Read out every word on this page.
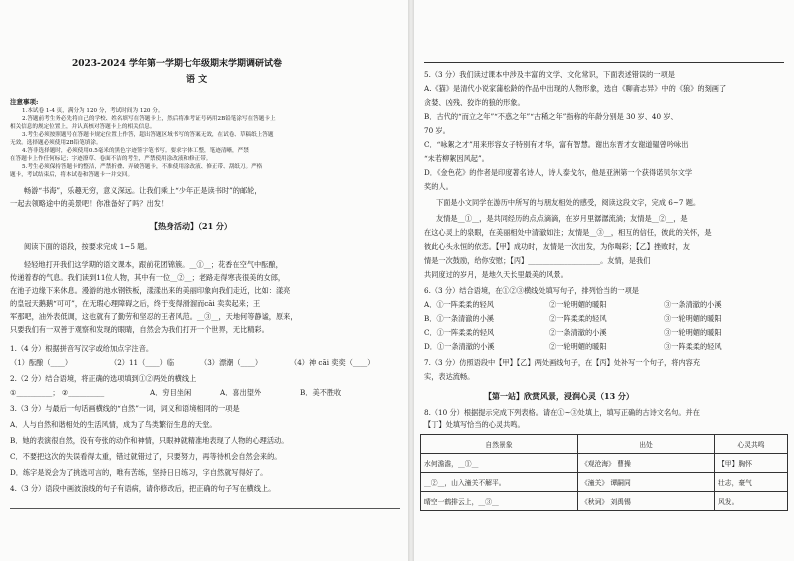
2023-2024 学年第一学期七年级期末学期调研试卷
语 文
注意事项:
1.本试卷 1-4 页，满分为 120 分，考试时间为 120 分。
2.答题前考生务必先将自己的学校、姓名填写在答题卡上，然后将准考证号码用2B铅笔涂写在答题卡上
相关信息的规定位置上，并认真核对答题卡上的相关信息。
3.考生必须按照题号在答题卡规定位置上作答，超出答题区域书写的答案无效，在试卷、草稿纸上答题
无效。选择题必须使用2B铅笔填涂。
4.答非选择题时，必须使用0.5毫米的黑色字迹签字笔书写。要求字体工整，笔迹清晰，严禁
在答题卡上作任何标记；字迹潦草、卷面不洁的考生，严禁使用涂改液和修正带。
5.考生必须保持答题卡的整洁，严禁折叠、弄破答题卡，不准使用涂改液、修正带、刮纸刀。严格
题卡，考试结束后，将本试卷和答题卡一并交回。
畅游“书海”，乐趣无穷，意义深远。让我们乘上“少年正是读书时”的邮轮，
一起去领略途中的美景吧！你准备好了吗？出发！
【热身活动】（21 分）
阅读下面的语段，按要求完成 1~5 题。
轻轻地打开我们这学期的语文课本，跟前花团锦簇。__①__；花香在空气中酝酿，
传递着春的气息。我们读到11位人物，其中有一位__②__；老路走得寒丧很美的女郎，
在池子边缘下来休息。漫游的池水钢铁板，漾漾出来的美丽印象向我们走近，比如：漾亮
的皇冠天鹅鹅“可可”，在无瑕心理障碍之后，终于变得滑溜而cāi 卖卖起来；王
军那吧，油外表低调，这也就有了勤劳和坚忍的王者风范。__③__，天地何等静谧，原来，
只要我们有一双善于观察和发现的眼睛，自然会为我们打开一个世界，无比精彩。
1.（4 分）根据拼音写汉字或给加点字注音。
（1）酝酿（____）	（2）11（____）临	（3）漂潮（____）	（4）神 cāi 奕奕（____）
2.（2 分）结合语境，将正确的选项填到①②两处的横线上
①__________； ②__________	A．穷目坐闲	A．喜出望外	B．美不胜收
3.（3 分）与最后一句话画横线的“自然”一词，词义和语境相同的一项是
A．人与自然和谐相处的生活风情，成为了鸟类繁衍生息的天堂。
B．她的表演很自然，没有夸张的动作和神情，只眼神就精准地表现了人物的心理活动。
C．不要把这次的失误看得太重，错过就错过了，只要努力，再等待机会自然会来的。
D．练字是说会为了挑选可言的，唯有苦练，坚持日日练习，字自然就写得好了。
4.（3 分）语段中画波浪线的句子有语病，请你修改后，把正确的句子写在横线上。
5.（3 分）我们读过课本中涉及丰富的文学、文化常识，下面表述错误的一项是
A.《猫》是清代小说家蒲松龄的作品中出现的人物形象，选自《聊斋志异》中的《狼》的刻画了
贪婪、凶残、狡诈的狼的形象。
B．古代的“而立之年”“不惑之年”“古稀之年”指称的年龄分别是 30 岁、40 岁、
70 岁。
C．“咏絮之才”用来形容女子特别有才华，富有智慧。谢出东晋才女谢道韫曾吟咏出
“未若柳絮因风起”。
D．《金色花》的作者是印度著名诗人，诗人泰戈尔，他是亚洲第一个获得诺贝尔文学
奖的人。
下面是小文同学在游历中所写的与朋友相处的感受，阅读这段文字，完成 6~7 题。
友情是__①__，是共同经历的点点滴滴，在岁月里潺潺流淌；友情是__②__，是
在这心灵上的泉眼，在美丽相处中清澈如注；友情是__③__，相互的信任，彼此的关怀，是
彼此心头永恒的依恋。【甲】成功时，友情是一次出发，为你喝彩；【乙】挫败时，友
情是一次鼓励，给你安慰；【丙】____________________。友情，是我们
共同度过的岁月，是地久天长里最美的风景。
6.（3 分）结合语境，在①②③横线处填写句子，排列恰当的一项是
A．①一阵柔柔的轻风	②一轮明媚的暖阳	③一条清澈的小溪
B．①一条清澈的小溪	②一阵柔柔的轻风	③一轮明媚的暖阳
C．①一阵柔柔的轻风	②一条清澈的小溪	③一轮明媚的暖阳
D．①一条清澈的小溪	②一轮明媚的暖阳	③一阵柔柔的轻风
7.（3 分）仿照语段中【甲】【乙】两处画线句子，在【丙】处补写一个句子，将内容充
实，表达流畅。
【第一站】欣赏风景，浸润心灵（13 分）
8.（10 分）根据提示完成下列表格。请在①~③处填上，填写正确的古诗文名句。并在
【丁】处填写恰当的心灵共鸣。
自然景象	出处	心灵共鸣
水何澹澹，__①__	《观沧海》 曹操	【甲】胸怀
__②__，山入潼关不解平。	《潼关》 谭嗣同	壮志，豪气
晴空一鹤排云上，__③__	《秋词》 刘禹锡	风发。
